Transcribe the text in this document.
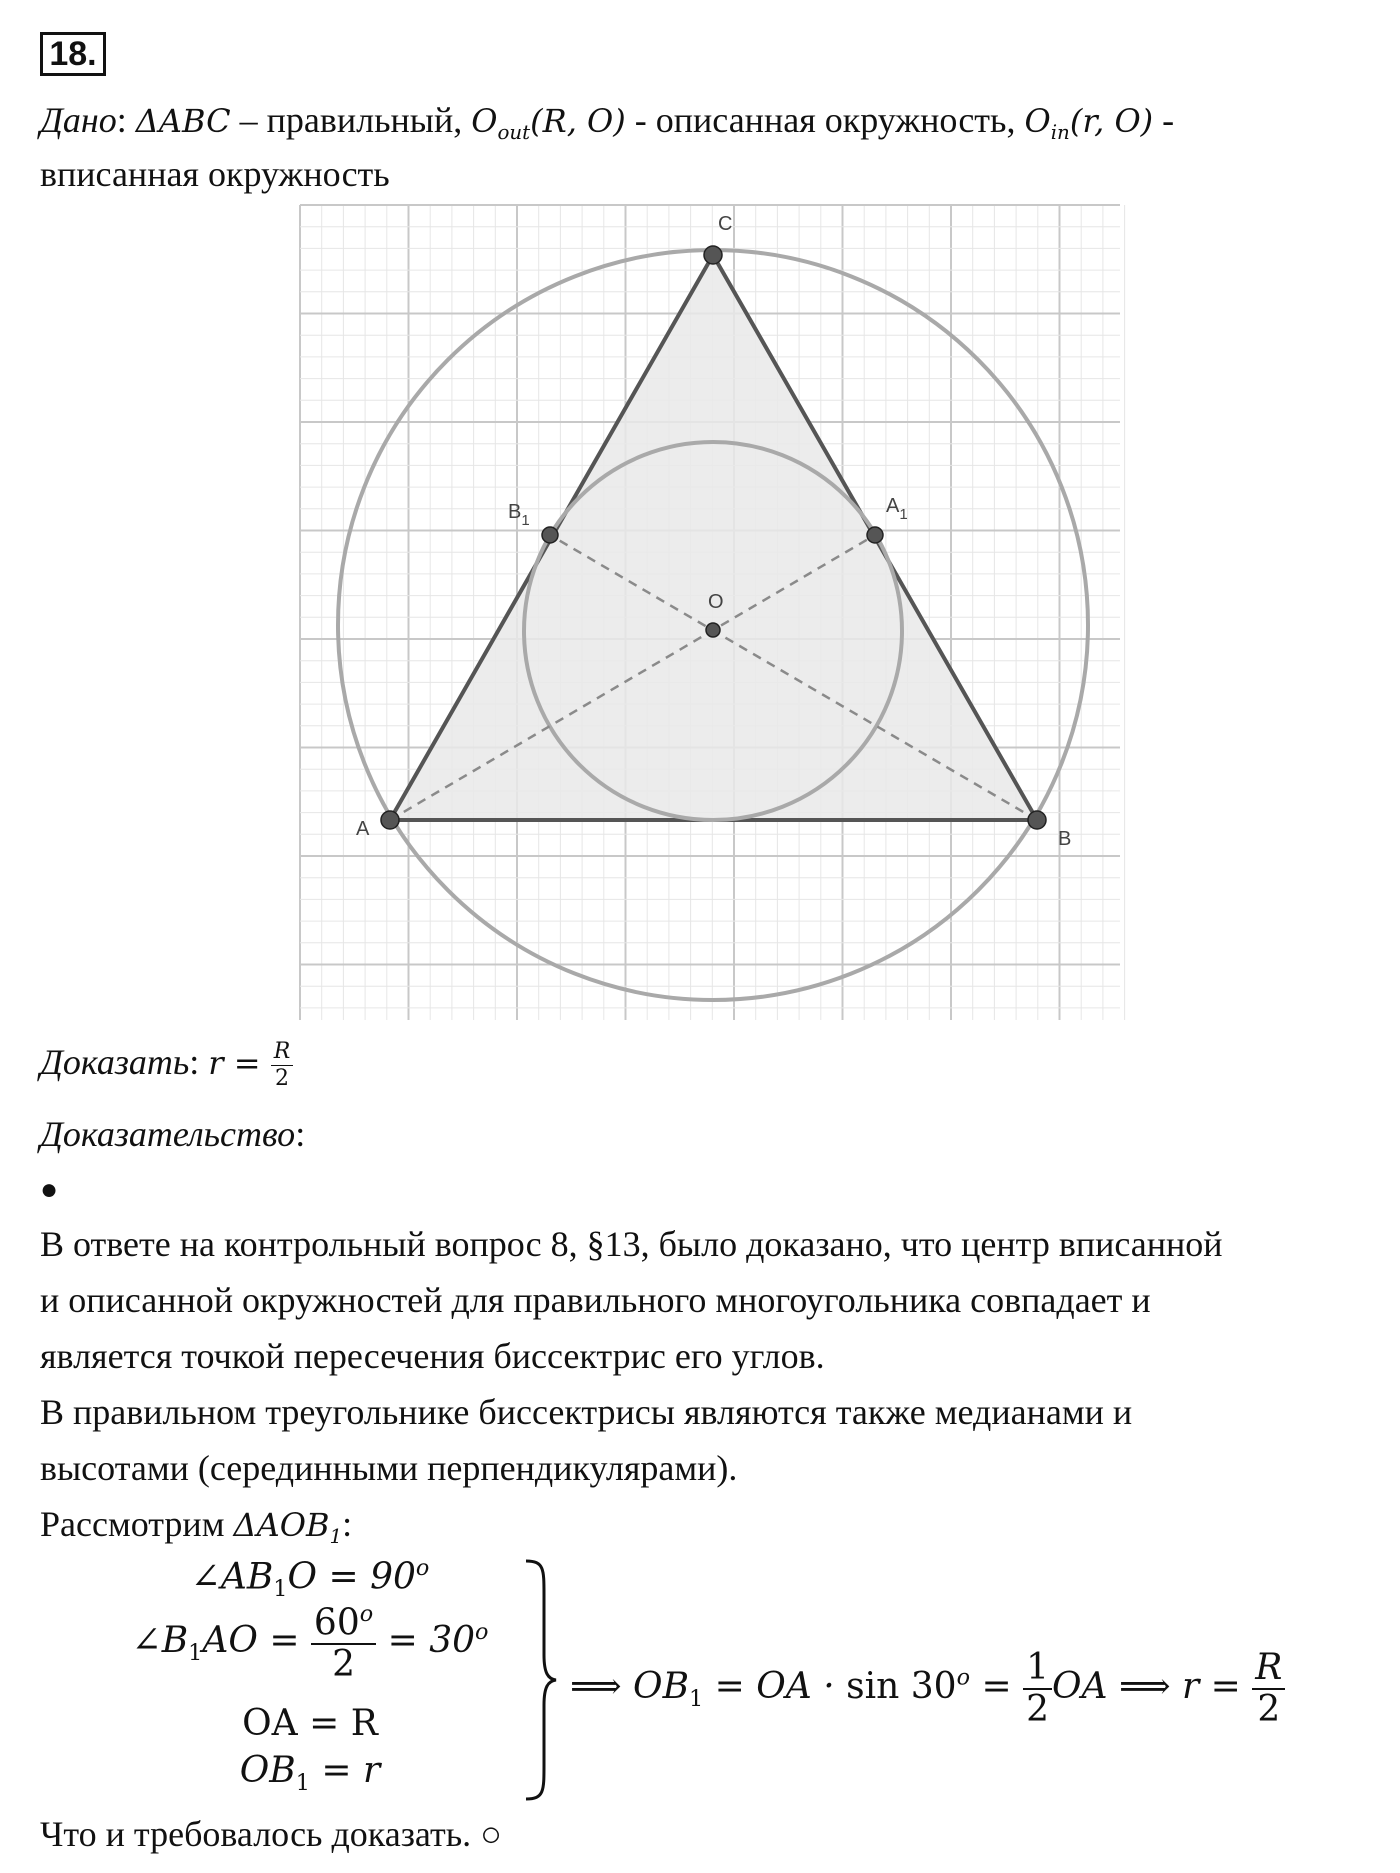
18.
Дано: ΔABC – правильный, $O_{out}(R$, O) - описанная окружность, $O_{in}(r$, O) -
вписанная окружность
A	B
C
O
$B_1$
$A_1$
Доказать: $r = \frac{R}{2}$
Доказательство:
●
В ответе на контрольный вопрос 8, §13, было доказано, что центр вписанной
и описанной окружностей для правильного многоугольника совпадает и
является точкой пересечения биссектрис его углов.
В правильном треугольнике биссектрисы являются также медианами и
высотами (серединными перпендикулярами).
Рассмотрим $\Delta AOB_1$:
$\angle AB_1O = 90^o$
$\angle B_1AO = \frac{60^o}{2} = 30^o$
OA = R
$OB_1 = r$
⟹ $OB_1$ = OA · $\sin 30^o = \frac{1}{2}$ OA ⟹ $r = \frac{R}{2}$
Что и требовалось доказать. ○
